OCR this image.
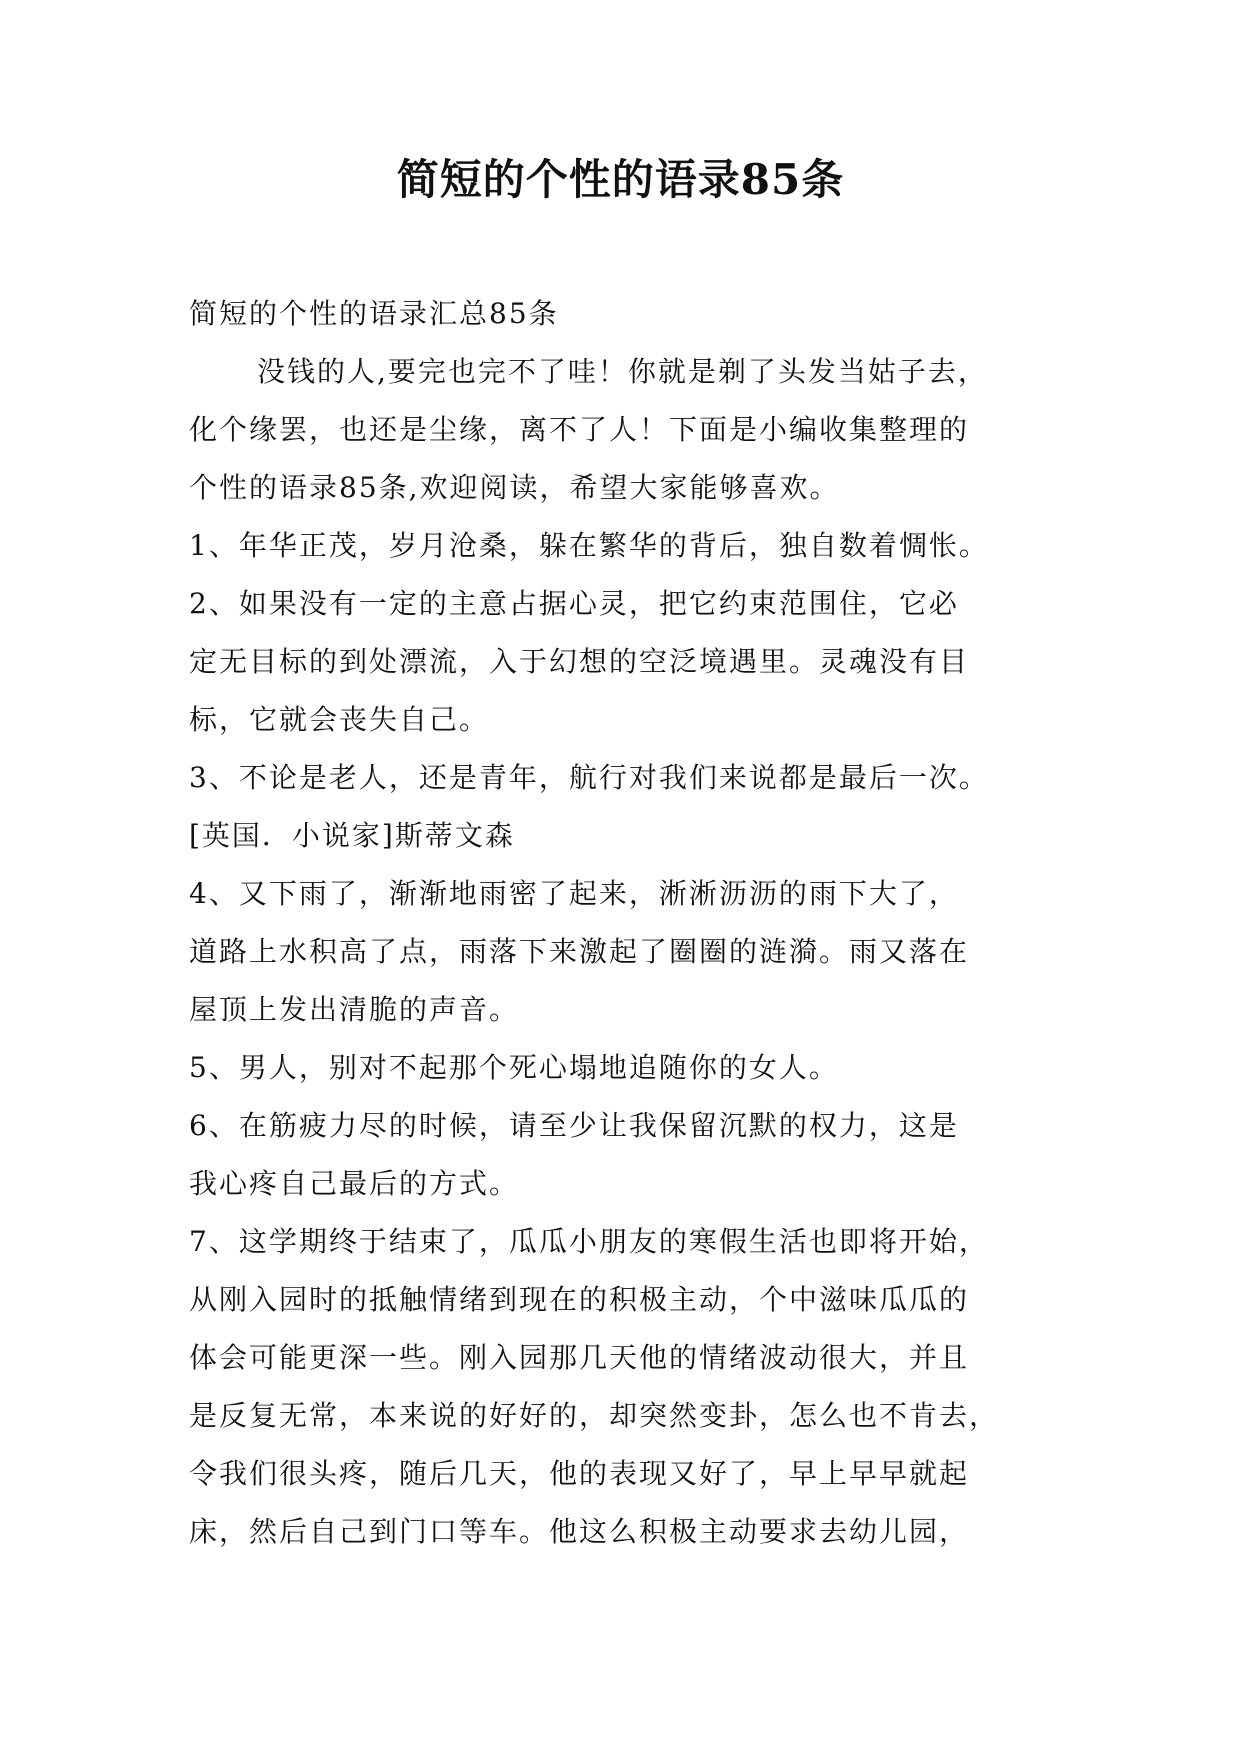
简短的个性的语录85条
简短的个性的语录汇总85条
没钱的人,要完也完不了哇！你就是剃了头发当姑子去，
化个缘罢，也还是尘缘，离不了人！下面是小编收集整理的
个性的语录85条,欢迎阅读，希望大家能够喜欢。
1、年华正茂，岁月沧桑，躲在繁华的背后，独自数着惆怅。
2、如果没有一定的主意占据心灵，把它约束范围住，它必
定无目标的到处漂流，入于幻想的空泛境遇里。灵魂没有目
标，它就会丧失自己。
3、不论是老人，还是青年，航行对我们来说都是最后一次。
[英国．小说家]斯蒂文森
4、又下雨了，渐渐地雨密了起来，淅淅沥沥的雨下大了，
道路上水积高了点，雨落下来激起了圈圈的涟漪。雨又落在
屋顶上发出清脆的声音。
5、男人，别对不起那个死心塌地追随你的女人。
6、在筋疲力尽的时候，请至少让我保留沉默的权力，这是
我心疼自己最后的方式。
7、这学期终于结束了，瓜瓜小朋友的寒假生活也即将开始，
从刚入园时的抵触情绪到现在的积极主动，个中滋味瓜瓜的
体会可能更深一些。刚入园那几天他的情绪波动很大，并且
是反复无常，本来说的好好的，却突然变卦，怎么也不肯去，
令我们很头疼，随后几天，他的表现又好了，早上早早就起
床，然后自己到门口等车。他这么积极主动要求去幼儿园，
